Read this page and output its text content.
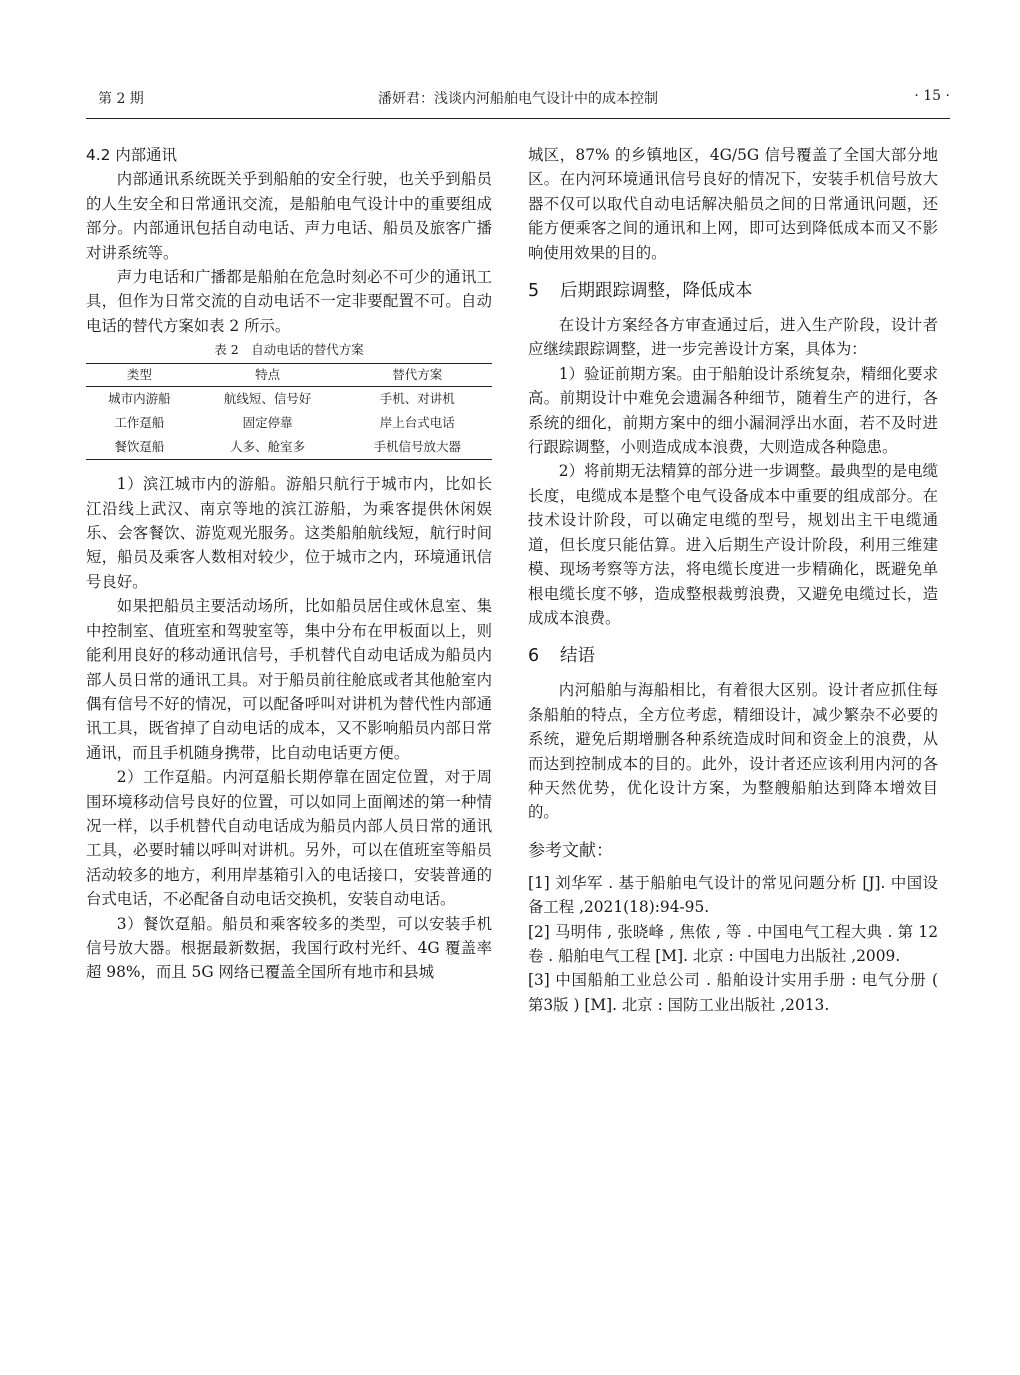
第 2 期	潘妍君：浅谈内河船舶电气设计中的成本控制	· 15 ·

4.2 内部通讯

内部通讯系统既关乎到船舶的安全行驶，也关乎到船员的人生安全和日常通讯交流，是船舶电气设计中的重要组成部分。内部通讯包括自动电话、声力电话、船员及旅客广播对讲系统等。

声力电话和广播都是船舶在危急时刻必不可少的通讯工具，但作为日常交流的自动电话不一定非要配置不可。自动电话的替代方案如表 2 所示。

表 2　自动电话的替代方案
类型	特点	替代方案
城市内游船	航线短、信号好	手机、对讲机
工作趸船	固定停靠	岸上台式电话
餐饮趸船	人多、舱室多	手机信号放大器

1）滨江城市内的游船。游船只航行于城市内，比如长江沿线上武汉、南京等地的滨江游船，为乘客提供休闲娱乐、会客餐饮、游览观光服务。这类船舶航线短，航行时间短，船员及乘客人数相对较少，位于城市之内，环境通讯信号良好。

如果把船员主要活动场所，比如船员居住或休息室、集中控制室、值班室和驾驶室等，集中分布在甲板面以上，则能利用良好的移动通讯信号，手机替代自动电话成为船员内部人员日常的通讯工具。对于船员前往舱底或者其他舱室内偶有信号不好的情况，可以配备呼叫对讲机为替代性内部通讯工具，既省掉了自动电话的成本，又不影响船员内部日常通讯，而且手机随身携带，比自动电话更方便。

2）工作趸船。内河趸船长期停靠在固定位置，对于周围环境移动信号良好的位置，可以如同上面阐述的第一种情况一样，以手机替代自动电话成为船员内部人员日常的通讯工具，必要时辅以呼叫对讲机。另外，可以在值班室等船员活动较多的地方，利用岸基箱引入的电话接口，安装普通的台式电话，不必配备自动电话交换机，安装自动电话。

3）餐饮趸船。船员和乘客较多的类型，可以安装手机信号放大器。根据最新数据，我国行政村光纤、4G 覆盖率超 98%，而且 5G 网络已覆盖全国所有地市和县城

城区，87% 的乡镇地区，4G/5G 信号覆盖了全国大部分地区。在内河环境通讯信号良好的情况下，安装手机信号放大器不仅可以取代自动电话解决船员之间的日常通讯问题，还能方便乘客之间的通讯和上网，即可达到降低成本而又不影响使用效果的目的。

5 后期跟踪调整，降低成本

在设计方案经各方审查通过后，进入生产阶段，设计者应继续跟踪调整，进一步完善设计方案，具体为：

1）验证前期方案。由于船舶设计系统复杂，精细化要求高。前期设计中难免会遗漏各种细节，随着生产的进行，各系统的细化，前期方案中的细小漏洞浮出水面，若不及时进行跟踪调整，小则造成成本浪费，大则造成各种隐患。

2）将前期无法精算的部分进一步调整。最典型的是电缆长度，电缆成本是整个电气设备成本中重要的组成部分。在技术设计阶段，可以确定电缆的型号，规划出主干电缆通道，但长度只能估算。进入后期生产设计阶段，利用三维建模、现场考察等方法，将电缆长度进一步精确化，既避免单根电缆长度不够，造成整根裁剪浪费，又避免电缆过长，造成成本浪费。

6 结语

内河船舶与海船相比，有着很大区别。设计者应抓住每条船舶的特点，全方位考虑，精细设计，减少繁杂不必要的系统，避免后期增删各种系统造成时间和资金上的浪费，从而达到控制成本的目的。此外，设计者还应该利用内河的各种天然优势，优化设计方案，为整艘船舶达到降本增效目的。

参考文献：

[1] 刘华军 . 基于船舶电气设计的常见问题分析 [J]. 中国设备工程 ,2021(18):94-95.

[2] 马明伟 , 张晓峰 , 焦侬 , 等 . 中国电气工程大典 . 第 12 卷 . 船舶电气工程 [M]. 北京 : 中国电力出版社 ,2009.

[3] 中国船舶工业总公司 . 船舶设计实用手册 : 电气分册 ( 第3版 ) [M]. 北京 : 国防工业出版社 ,2013.
